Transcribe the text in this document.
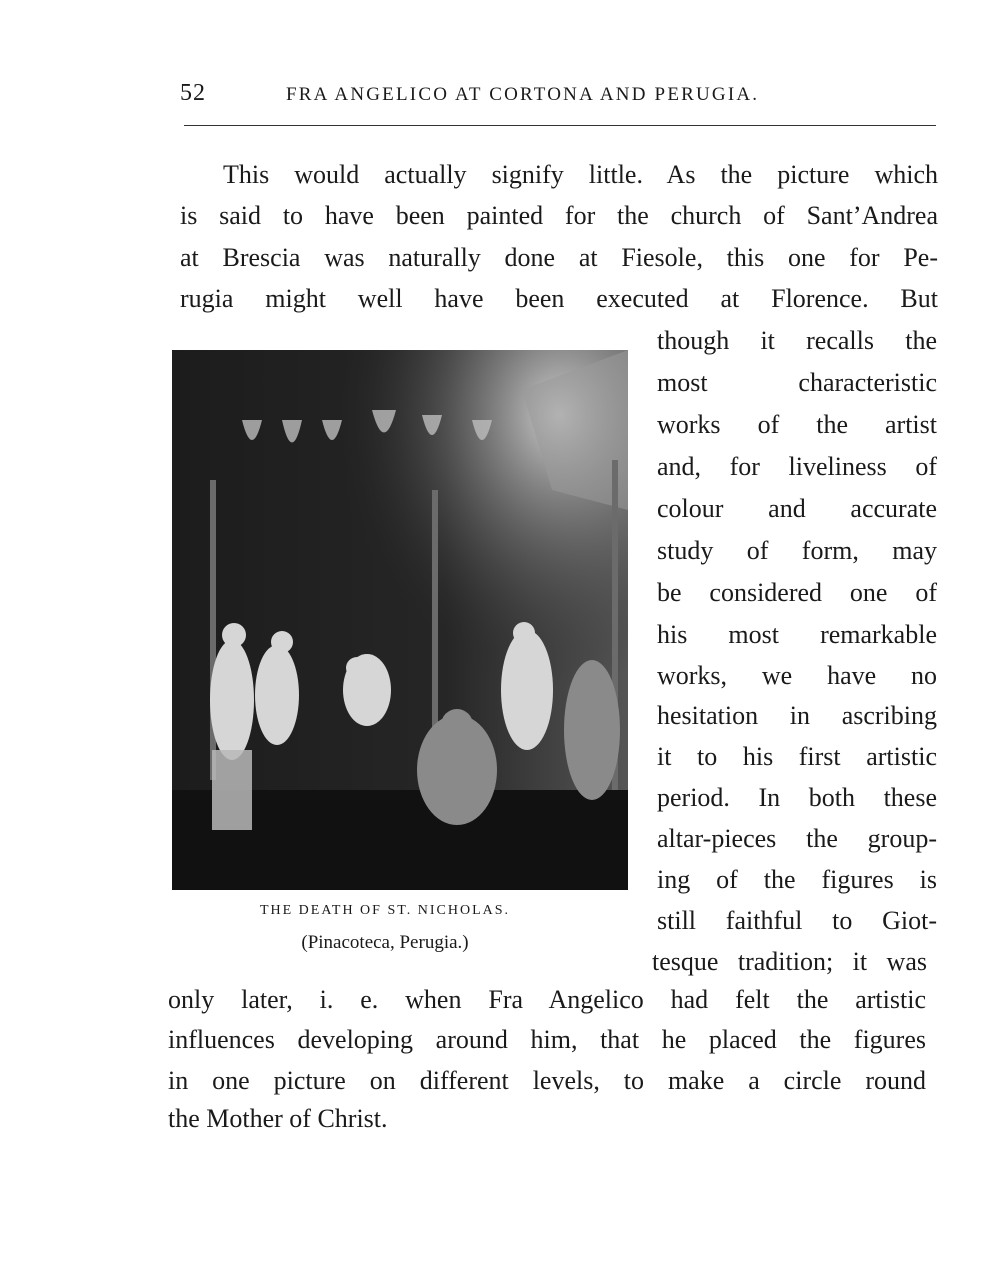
52	FRA ANGELICO AT CORTONA AND PERUGIA.
This would actually signify little. As the picture which
is said to have been painted for the church of Sant’Andrea
at Brescia was naturally done at Fiesole, this one for Pe-
rugia might well have been executed at Florence. But
though it recalls the
most characteristic
works of the artist
and, for liveliness of
colour and accurate
study of form, may
be considered one of
his most remarkable
works, we have no
hesitation in ascribing
it to his first artistic
period. In both these
altar-pieces the group-
ing of the figures is
still faithful to Giot-
tesque tradition; it was
only later, i. e. when Fra Angelico had felt the artistic
influences developing around him, that he placed the figures
in one picture on different levels, to make a circle round
the Mother of Christ.
THE DEATH OF ST. NICHOLAS.
(Pinacoteca, Perugia.)
